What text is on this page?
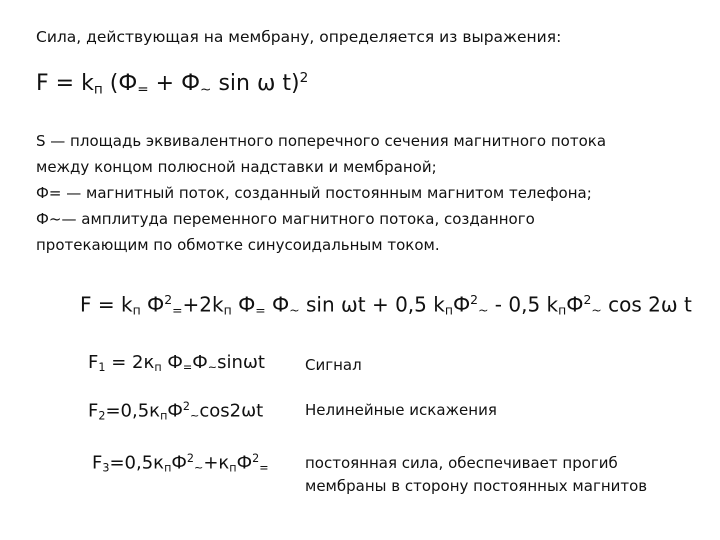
Сила, действующая на мембрану, определяется из выражения:
$F = k_п$ ($Ф_= + Ф_\sim$ sin ω t)$^2$
S — площадь эквивалентного поперечного сечения магнитного потока
между концом полюсной надставки и мембраной;
Ф= — магнитный поток, созданный постоянным магнитом телефона;
Ф~— амплитуда переменного магнитного потока, созданного
протекающим по обмотке синусоидальным током.
$F = k_п$ $Ф^2_=+2k_п$ $Ф_=$ $Ф_\sim$ sin ωt + 0,5 $k_пФ^2_\sim - 0,5$ $k_пФ^2_\sim$ cos 2ω t
$F_1 = 2к_п$ $Ф_=Ф_\sim\sin\omega t$	Сигнал
$F_2=0,5к_пФ^2_\sim\cos 2\omega t$	Нелинейные искажения
$F_3=0,5к_пФ^2_\sim+к_пФ^2_=$ постоянная сила, обеспечивает прогиб
мембраны в сторону постоянных магнитов
